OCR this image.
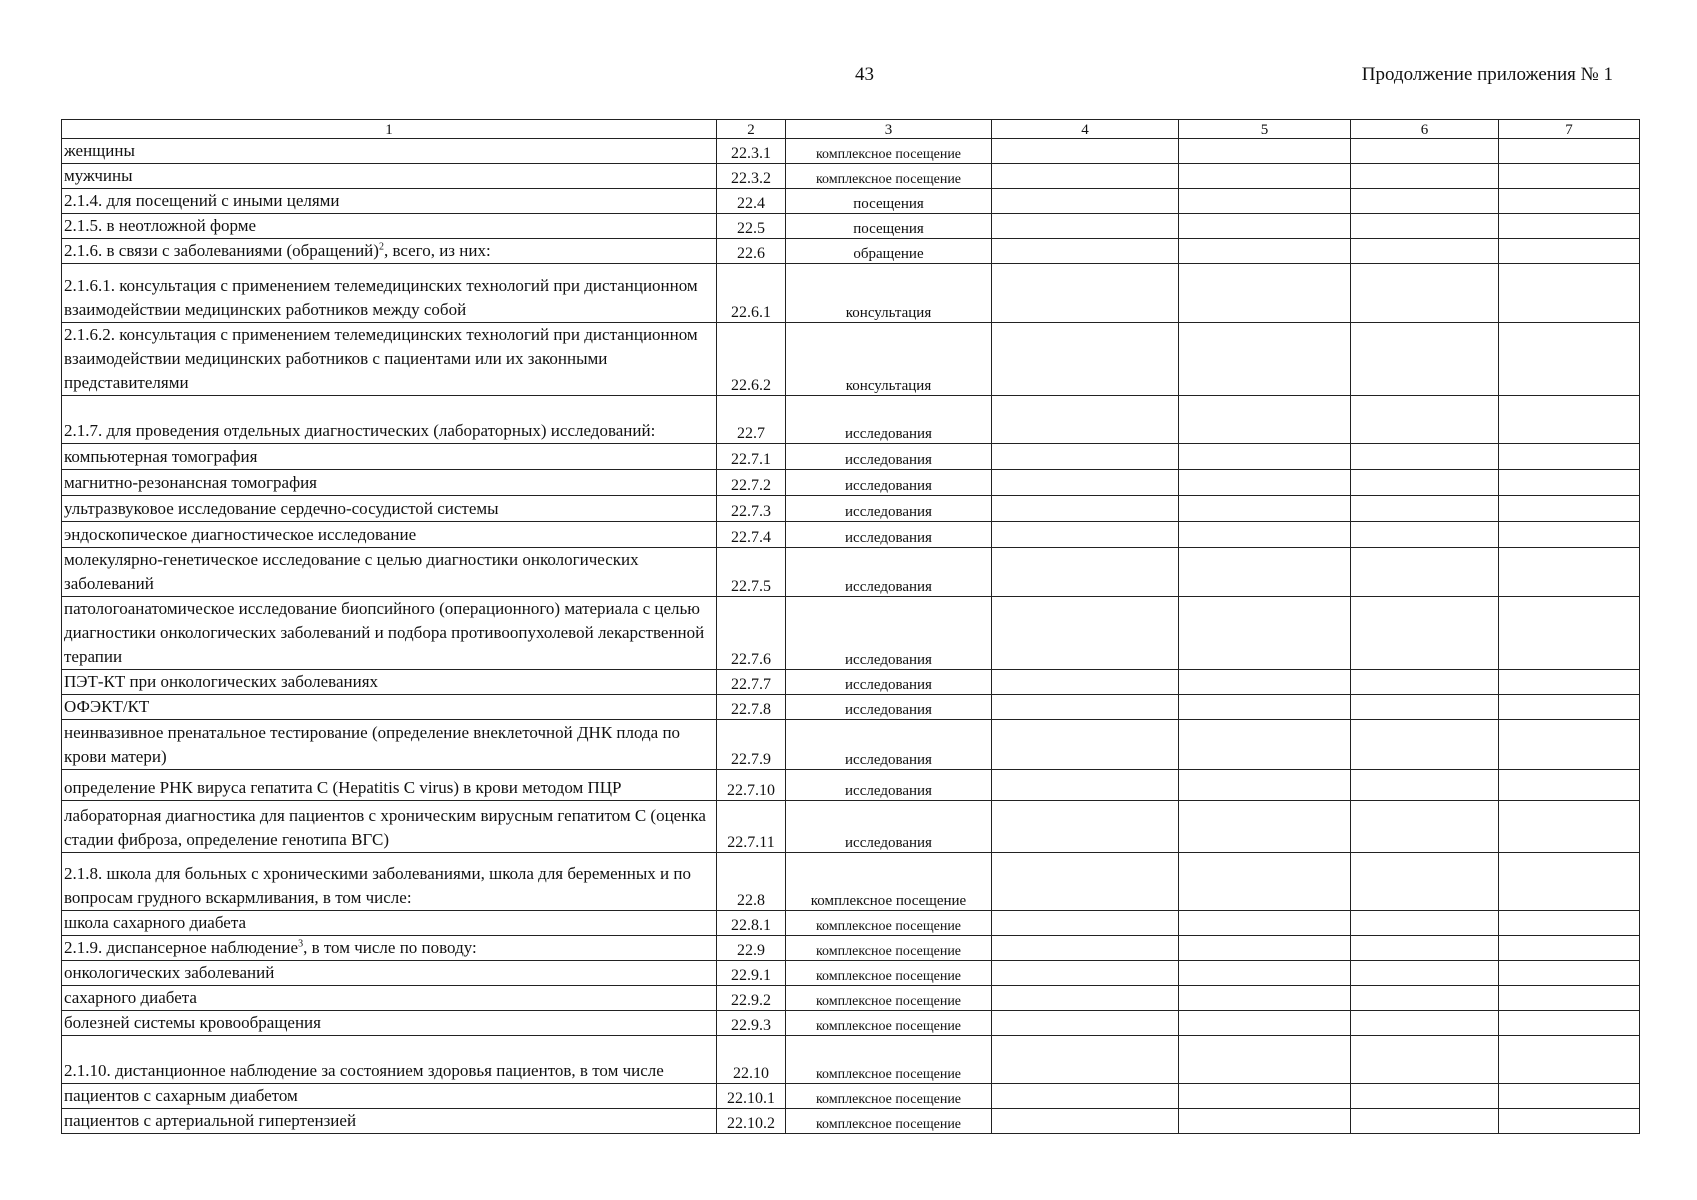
43	Продолжение приложения № 1
1	2	3	4	5	6	7
женщины	22.3.1	комплексное посещение				
мужчины	22.3.2	комплексное посещение				
2.1.4. для посещений с иными целями	22.4	посещения				
2.1.5. в неотложной форме	22.5	посещения				
2.1.6. в связи с заболеваниями (обращений)$^2$, всего, из них:	22.6	обращение				
2.1.6.1. консультация с применением телемедицинских технологий при дистанционном взаимодействии медицинских работников между собой	22.6.1	консультация				
2.1.6.2. консультация с применением телемедицинских технологий при дистанционном взаимодействии медицинских работников с пациентами или их законными представителями	22.6.2	консультация				
2.1.7. для проведения отдельных диагностических (лабораторных) исследований:	22.7	исследования				
компьютерная томография	22.7.1	исследования				
магнитно-резонансная томография	22.7.2	исследования				
ультразвуковое исследование сердечно-сосудистой системы	22.7.3	исследования				
эндоскопическое диагностическое исследование	22.7.4	исследования				
молекулярно-генетическое исследование с целью диагностики онкологических заболеваний	22.7.5	исследования				
патологоанатомическое исследование биопсийного (операционного) материала с целью диагностики онкологических заболеваний и подбора противоопухолевой лекарственной терапии	22.7.6	исследования				
ПЭТ-КТ при онкологических заболеваниях	22.7.7	исследования				
ОФЭКТ/КТ	22.7.8	исследования				
неинвазивное пренатальное тестирование (определение внеклеточной ДНК плода по крови матери)	22.7.9	исследования				
определение РНК вируса гепатита C (Hepatitis C virus) в крови методом ПЦР	22.7.10	исследования				
лабораторная диагностика для пациентов с хроническим вирусным гепатитом С (оценка стадии фиброза, определение генотипа ВГС)	22.7.11	исследования				
2.1.8. школа для больных с хроническими заболеваниями, школа для беременных и по вопросам грудного вскармливания, в том числе:	22.8	комплексное посещение				
школа сахарного диабета	22.8.1	комплексное посещение				
2.1.9. диспансерное наблюдение$^3$, в том числе по поводу:	22.9	комплексное посещение				
онкологических заболеваний	22.9.1	комплексное посещение				
сахарного диабета	22.9.2	комплексное посещение				
болезней системы кровообращения	22.9.3	комплексное посещение				
2.1.10. дистанционное наблюдение за состоянием здоровья пациентов, в том числе	22.10	комплексное посещение				
пациентов с сахарным диабетом	22.10.1	комплексное посещение				
пациентов с артериальной гипертензией	22.10.2	комплексное посещение				
